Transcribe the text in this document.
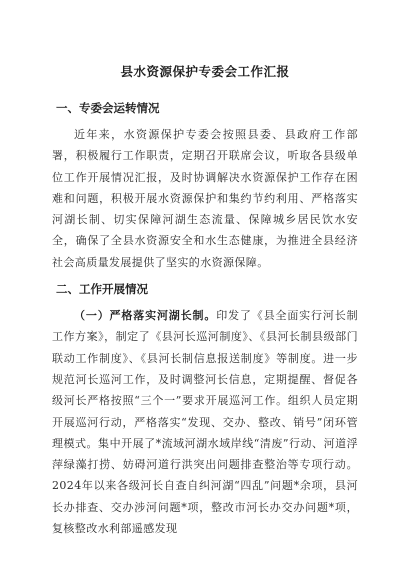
县水资源保护专委会工作汇报
一、专委会运转情况

近年来，水资源保护专委会按照县委、县政府工作部署，积极履行工作职责，定期召开联席会议，听取各县级单位工作开展情况汇报，及时协调解决水资源保护工作存在困难和问题，积极开展水资源保护和集约节约利用、严格落实河湖长制、切实保障河湖生态流量、保障城乡居民饮水安全，确保了全县水资源安全和水生态健康，为推进全县经济社会高质量发展提供了坚实的水资源保障。

二、工作开展情况

（一）严格落实河湖长制。印发了《县全面实行河长制工作方案》，制定了《县河长巡河制度》、《县河长制县级部门联动工作制度》、《县河长制信息报送制度》等制度。进一步规范河长巡河工作，及时调整河长信息，定期提醒、督促各级河长严格按照“三个一”要求开展巡河工作。组织人员定期开展巡河行动，严格落实“发现、交办、整改、销号”闭环管理模式。集中开展了*流域河湖水域岸线“清废”行动、河道浮萍绿藻打捞、妨碍河道行洪突出问题排查整治等专项行动。2024年以来各级河长自查自纠河湖“四乱”问题*余项，县河长办排查、交办涉河问题*项，整改市河长办交办问题*项，复核整改水利部遥感发现
